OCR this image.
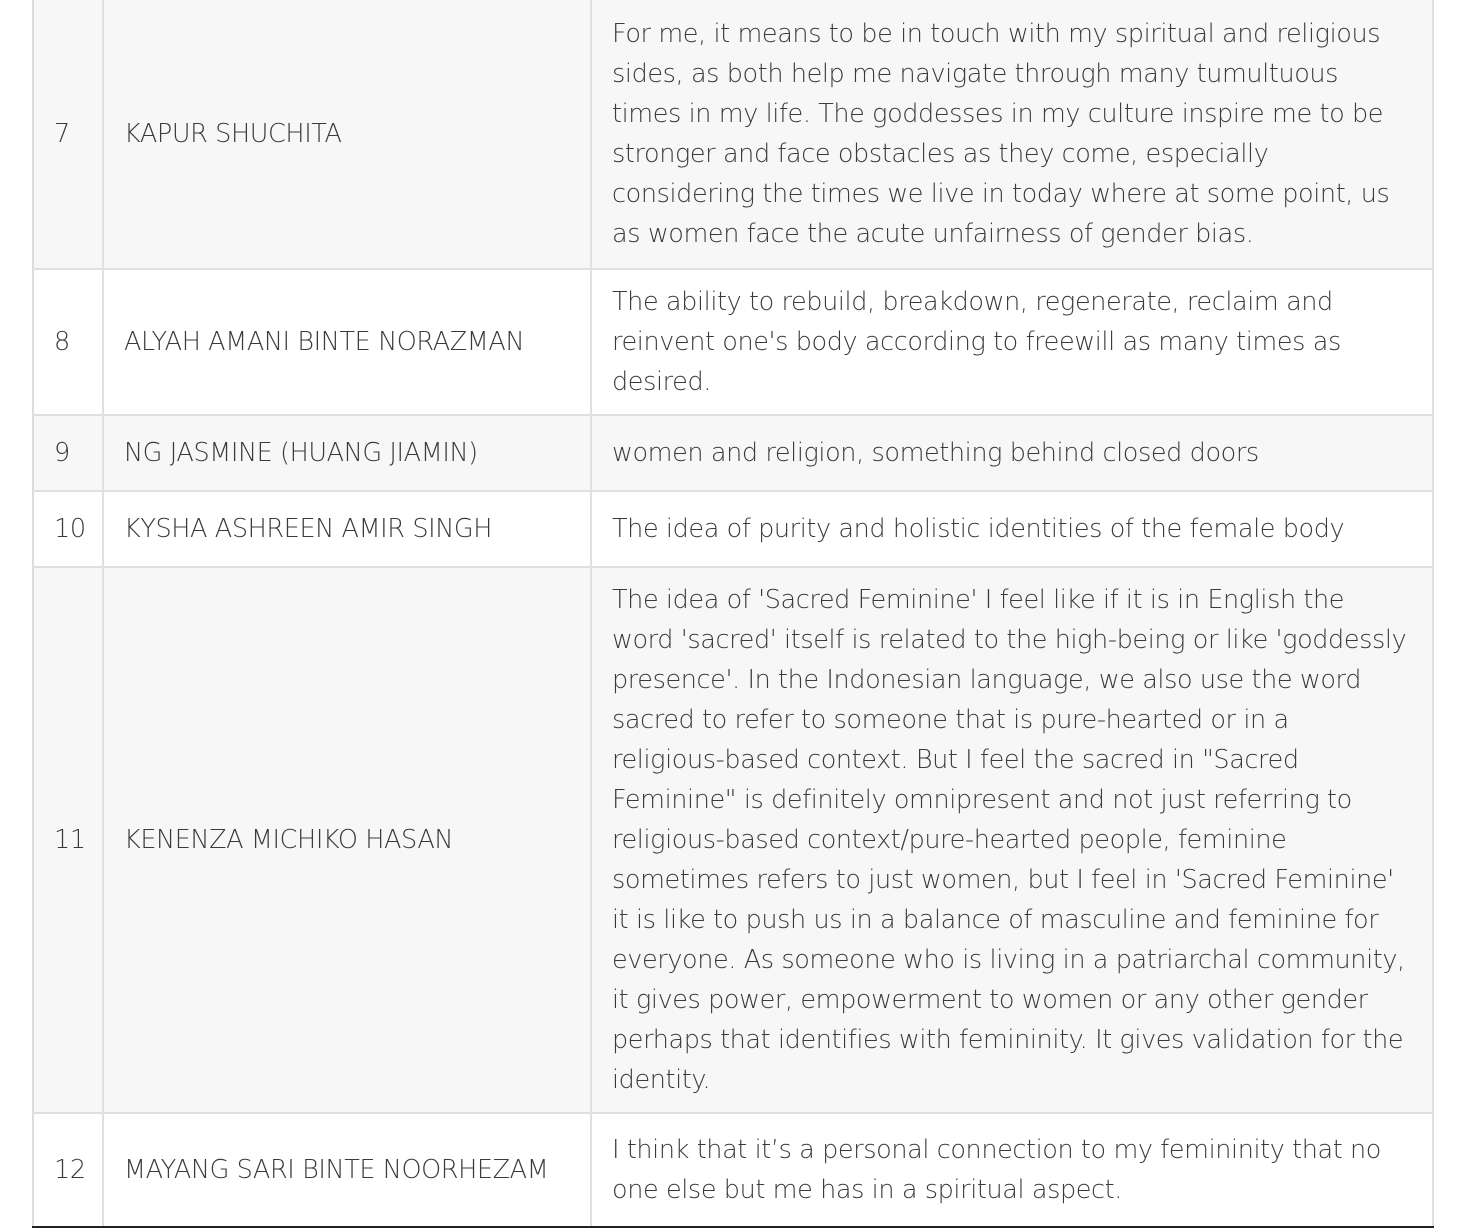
7	KAPUR SHUCHITA	For me, it means to be in touch with my spiritual and religious sides, as both help me navigate through many tumultuous times in my life. The goddesses in my culture inspire me to be stronger and face obstacles as they come, especially considering the times we live in today where at some point, us as women face the acute unfairness of gender bias.
8	ALYAH AMANI BINTE NORAZMAN	The ability to rebuild, breakdown, regenerate, reclaim and reinvent one's body according to freewill as many times as desired.
9	NG JASMINE (HUANG JIAMIN)	women and religion, something behind closed doors
10	KYSHA ASHREEN AMIR SINGH	The idea of purity and holistic identities of the female body
11	KENENZA MICHIKO HASAN	The idea of 'Sacred Feminine' I feel like if it is in English the word 'sacred' itself is related to the high-being or like 'goddessly presence'. In the Indonesian language, we also use the word sacred to refer to someone that is pure-hearted or in a religious-based context. But I feel the sacred in "Sacred Feminine" is definitely omnipresent and not just referring to religious-based context/pure-hearted people, feminine sometimes refers to just women, but I feel in 'Sacred Feminine' it is like to push us in a balance of masculine and feminine for everyone. As someone who is living in a patriarchal community, it gives power, empowerment to women or any other gender perhaps that identifies with femininity. It gives validation for the identity.
12	MAYANG SARI BINTE NOORHEZAM	I think that it’s a personal connection to my femininity that no one else but me has in a spiritual aspect.
